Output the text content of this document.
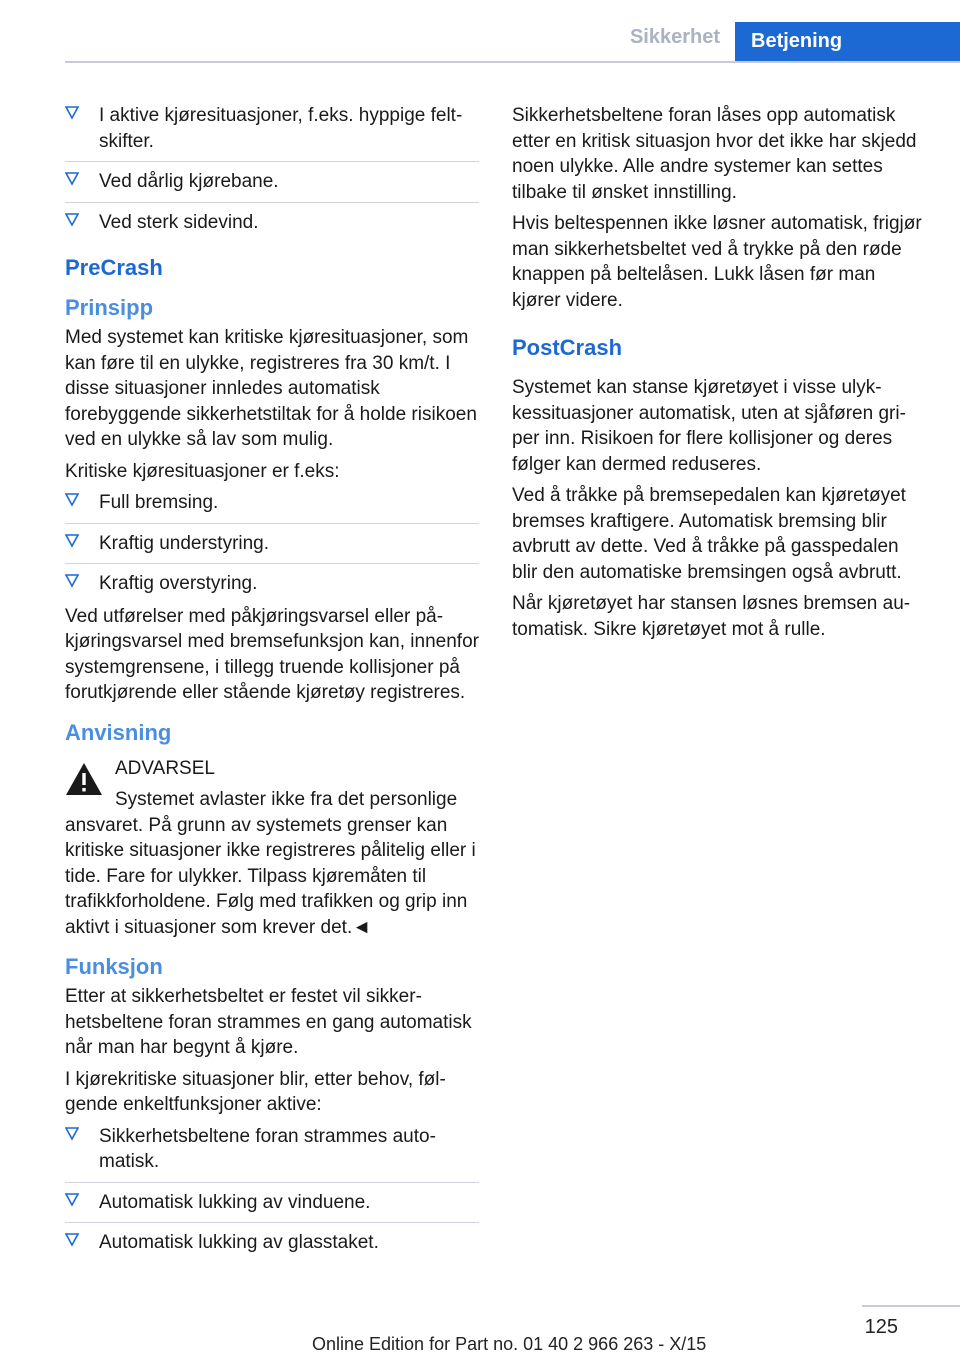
Sikkerhet	Betjening
I aktive kjøresituasjoner, f.eks. hyppige feltskifter.
Ved dårlig kjørebane.
Ved sterk sidevind.
PreCrash
Prinsipp

Med systemet kan kritiske kjøresituasjoner, som kan føre til en ulykke, registreres fra 30 km/t. I disse situasjoner innledes automatisk forebyggende sikkerhetstiltak for å holde risikoen ved en ulykke så lav som mulig.

Kritiske kjøresituasjoner er f.eks:

Full bremsing.
Kraftig understyring.
Kraftig overstyring.

Ved utførelser med påkjøringsvarsel eller påkjøringsvarsel med bremsefunksjon kan, innenfor systemgrensene, i tillegg truende kollisjoner på forutkjørende eller stående kjøretøy registreres.

Anvisning

ADVARSEL

Systemet avlaster ikke fra det personlige ansvaret. På grunn av systemets grenser kan kritiske situasjoner ikke registreres pålitelig eller i tide. Fare for ulykker. Tilpass kjøremåten til trafikkforholdene. Følg med trafikken og grip inn aktivt i situasjoner som krever det.◄

Funksjon

Etter at sikkerhetsbeltet er festet vil sikkerhetsbeltene foran strammes en gang automatisk når man har begynt å kjøre.

I kjørekritiske situasjoner blir, etter behov, følgende enkeltfunksjoner aktive:

Sikkerhetsbeltene foran strammes automatisk.
Automatisk lukking av vinduene.
Automatisk lukking av glasstaket.

Sikkerhetsbeltene foran låses opp automatisk etter en kritisk situasjon hvor det ikke har skjedd noen ulykke. Alle andre systemer kan settes tilbake til ønsket innstilling.

Hvis beltespennen ikke løsner automatisk, frigjør man sikkerhetsbeltet ved å trykke på den røde knappen på beltelåsen. Lukk låsen før man kjører videre.

PostCrash

Systemet kan stanse kjøretøyet i visse ulykkessituasjoner automatisk, uten at sjåføren griper inn. Risikoen for flere kollisjoner og deres følger kan dermed reduseres.

Ved å tråkke på bremsepedalen kan kjøretøyet bremses kraftigere. Automatisk bremsing blir avbrutt av dette. Ved å tråkke på gasspedalen blir den automatiske bremsingen også avbrutt.

Når kjøretøyet har stansen løsnes bremsen automatisk. Sikre kjøretøyet mot å rulle.

125
Online Edition for Part no. 01 40 2 966 263 - X/15
